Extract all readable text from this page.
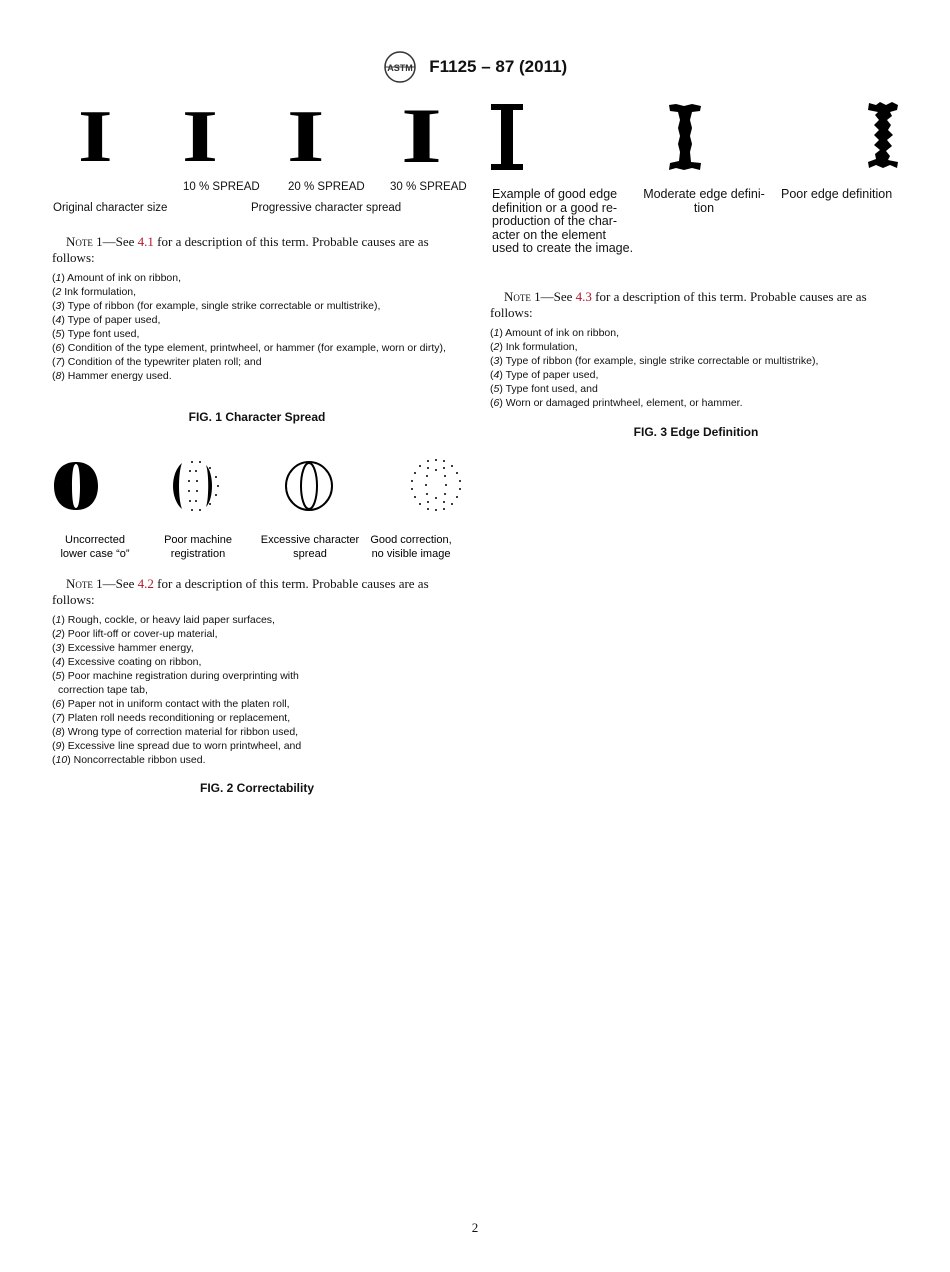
ASTM F1125 – 87 (2011)
I I I I
10 % SPREAD 20 % SPREAD 30 % SPREAD
Original character size	Progressive character spread
Note 1—See 4.1 for a description of this term. Probable causes are as follows:
(1) Amount of ink on ribbon,
(2 Ink formulation,
(3) Type of ribbon (for example, single strike correctable or multistrike),
(4) Type of paper used,
(5) Type font used,
(6) Condition of the type element, printwheel, or hammer (for example, worn or dirty),
(7) Condition of the typewriter platen roll; and
(8) Hammer energy used.
FIG. 1 Character Spread
Uncorrected
lower case “o”
Poor machine
registration
Excessive character
spread
Good correction,
no visible image
Note 1—See 4.2 for a description of this term. Probable causes are as follows:
(1) Rough, cockle, or heavy laid paper surfaces,
(2) Poor lift-off or cover-up material,
(3) Excessive hammer energy,
(4) Excessive coating on ribbon,
(5) Poor machine registration during overprinting with correction tape tab,
(6) Paper not in uniform contact with the platen roll,
(7) Platen roll needs reconditioning or replacement,
(8) Wrong type of correction material for ribbon used,
(9) Excessive line spread due to worn printwheel, and
(10) Noncorrectable ribbon used.
FIG. 2 Correctability
Example of good edge
definition or a good re-
production of the char-
acter on the element
used to create the image.
Moderate edge defini-
tion
Poor edge definition
Note 1—See 4.3 for a description of this term. Probable causes are as follows:
(1) Amount of ink on ribbon,
(2) Ink formulation,
(3) Type of ribbon (for example, single strike correctable or multistrike),
(4) Type of paper used,
(5) Type font used, and
(6) Worn or damaged printwheel, element, or hammer.
FIG. 3 Edge Definition
2
